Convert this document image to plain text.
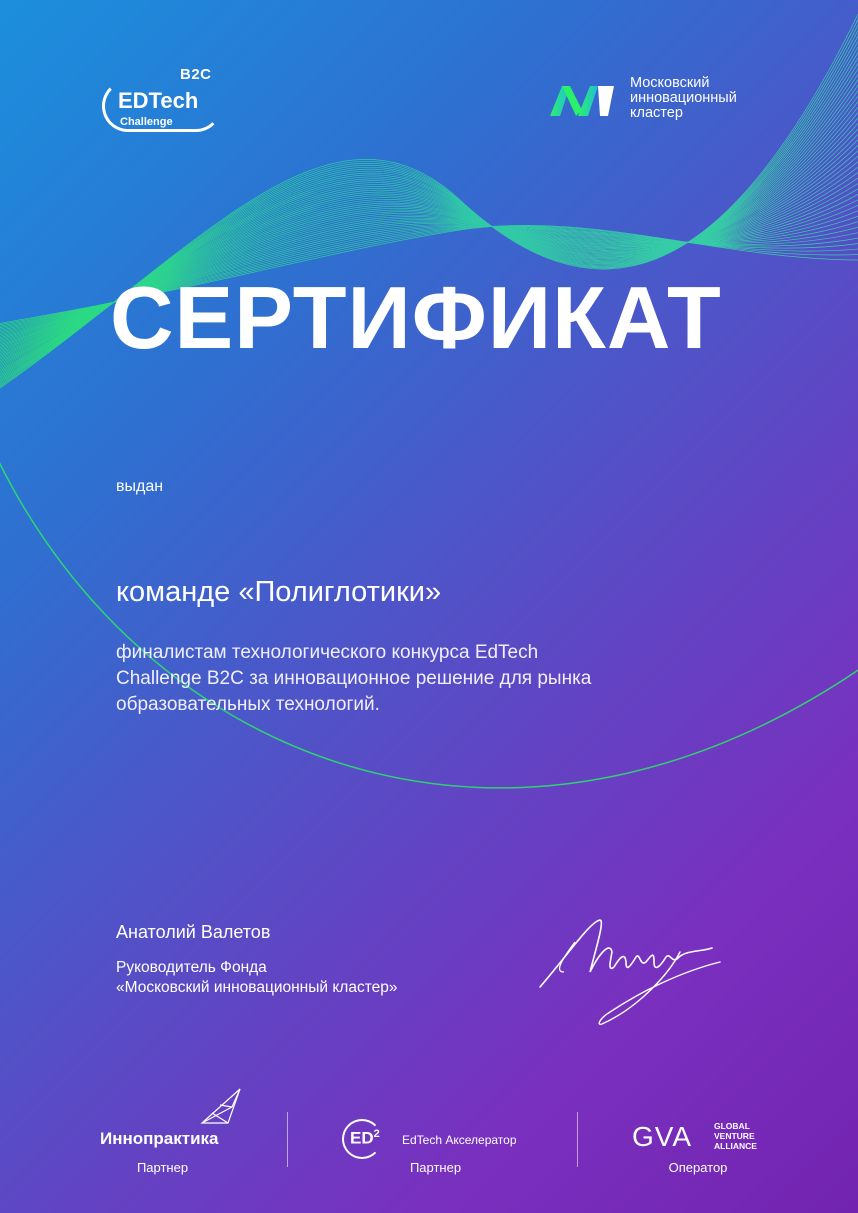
B2C
EDTech
Challenge
Московский
инновационный
кластер
СЕРТИФИКАТ
выдан
команде «Полиглотики»
финалистам технологического конкурса EdTech
Challenge B2C за инновационное решение для рынка
образовательных технологий.
Анатолий Валетов
Руководитель Фонда
«Московский инновационный кластер»
Иннопрактика
Партнер
$ED^2$ EdTech Акселератор
Партнер
GVA	GLOBAL
VENTURE
ALLIANCE
Оператор
